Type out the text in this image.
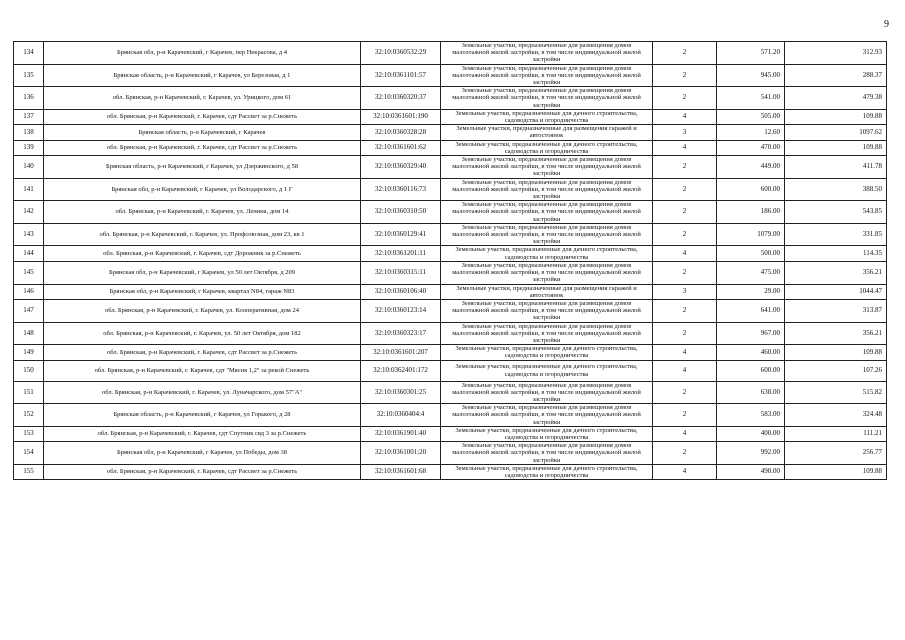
9
134	Брянская обл, р-н Карачевский, г Карачев, пер Некрасова, д 4	32:10:0360532:29	Земельные участки, предназначенные для размещения домов малоэтажной жилой застройки, в том числе индивидуальной жилой застройки	2	571.20	312.93	
135	Брянская область, р-н Карачевский, г Карачев, ул Березовая, д 1	32:10:0361101:57	Земельные участки, предназначенные для размещения домов малоэтажной жилой застройки, в том числе индивидуальной жилой застройки	2	945.00	288.37	
136	обл. Брянская, р-н Карачевский, г. Карачев, ул. Урицкого, дом 61	32:10:0360320:37	Земельные участки, предназначенные для размещения домов малоэтажной жилой застройки, в том числе индивидуальной жилой застройки	2	541.00	479.38	
137	обл. Брянская, р-н Карачевский, г. Карачев, сдт Рассвет за р.Снежеть	32:10:0361601:190	Земельные участки, предназначенные для дачного строительства, садоводства и огородничества	4	505.00	109.88	
138	Брянская область, р-н Карачевский, г Карачев	32:10:0360328:28	Земельные участки, предназначенные для размещения гаражей и автостоянок	3	12.60	1097.62	
139	обл. Брянская, р-н Карачевский, г. Карачев, сдт Рассвет за р.Снежеть	32:10:0361601:62	Земельные участки, предназначенные для дачного строительства, садоводства и огородничества	4	470.00	109.88	
140	Брянская область, р-н Карачевский, г Карачев, ул Дзержинского, д 58	32:10:0360329:40	Земельные участки, предназначенные для размещения домов малоэтажной жилой застройки, в том числе индивидуальной жилой застройки	2	449.00	411.78	
141	Брянская обл, р-н Карачевский, г Карачев, ул Володарского, д 1 Г	32:10:0360116:73	Земельные участки, предназначенные для размещения домов малоэтажной жилой застройки, в том числе индивидуальной жилой застройки	2	600.00	388.50	
142	обл. Брянская, р-н Карачевский, г. Карачев, ул. Ленина, дом 14	32:10:0360310:50	Земельные участки, предназначенные для размещения домов малоэтажной жилой застройки, в том числе индивидуальной жилой застройки	2	186.00	543.85	
143	обл. Брянская, р-н Карачевский, г. Карачев, ул. Профсоюзная, дом 23, кв 1	32:10:0360129:41	Земельные участки, предназначенные для размещения домов малоэтажной жилой застройки, в том числе индивидуальной жилой застройки	2	1079.00	331.85	
144	обл. Брянская, р-н Карачевский, г. Карачев, сдт Дорожник за р.Снежеть	32:10:0361201:11	Земельные участки, предназначенные для дачного строительства, садоводства и огородничества	4	500.00	114.35	
145	Брянская обл, р-н Карачевский, г Карачев, ул 50 лет Октября, д 209	32:10:0360315:11	Земельные участки, предназначенные для размещения домов малоэтажной жилой застройки, в том числе индивидуальной жилой застройки	2	475.00	356.21	
146	Брянская обл, р-н Карачевский, г Карачев, квартал N84, гараж N83	32:10:0360106:40	Земельные участки, предназначенные для размещения гаражей и автостоянок	3	29.00	1044.47	
147	обл. Брянская, р-н Карачевский, г. Карачев, ул. Кооперативная, дом 24	32:10:0360123:14	Земельные участки, предназначенные для размещения домов малоэтажной жилой застройки, в том числе индивидуальной жилой застройки	2	641.00	313.87	
148	обл. Брянская, р-н Карачевский, г. Карачев, ул. 50 лет Октября, дом 182	32:10:0360323:17	Земельные участки, предназначенные для размещения домов малоэтажной жилой застройки, в том числе индивидуальной жилой застройки	2	967.00	356.21	
149	обл. Брянская, р-н Карачевский, г. Карачев, сдт Рассвет за р.Снежеть	32:10:0361601:207	Земельные участки, предназначенные для дачного строительства, садоводства и огородничества	4	460.00	109.88	
150	обл. Брянская, р-н Карачевский, г. Карачев, сдт "Мясня 1,2" за рекой Снежеть	32:10:0362401:172	Земельные участки, предназначенные для дачного строительства, садоводства и огородничества	4	600.00	107.26	
151	обл. Брянская, р-н Карачевский, г. Карачев, ул. Луначарского, дом 57"А"	32:10:0360301:25	Земельные участки, предназначенные для размещения домов малоэтажной жилой застройки, в том числе индивидуальной жилой застройки	2	638.00	515.82	
152	Брянская область, р-н Карачевский, г Карачев, ул Горького, д 28	32:10:0360404:4	Земельные участки, предназначенные для размещения домов малоэтажной жилой застройки, в том числе индивидуальной жилой застройки	2	583.00	324.48	
153	обл. Брянская, р-н Карачевский, г. Карачев, сдт Спутник свд 3 за р.Снежеть	32:10:0361901:40	Земельные участки, предназначенные для дачного строительства, садоводства и огородничества	4	400.00	111.21	
154	Брянская обл, р-н Карачевский, г Карачев, ул Победы, дом 38	32:10:0361001:20	Земельные участки, предназначенные для размещения домов малоэтажной жилой застройки, в том числе индивидуальной жилой застройки	2	992.00	256.77	
155	обл. Брянская, р-н Карачевский, г. Карачев, сдт Рассвет за р.Снежеть	32:10:0361601:68	Земельные участки, предназначенные для дачного строительства, садоводства и огородничества	4	490.00	109.88	
